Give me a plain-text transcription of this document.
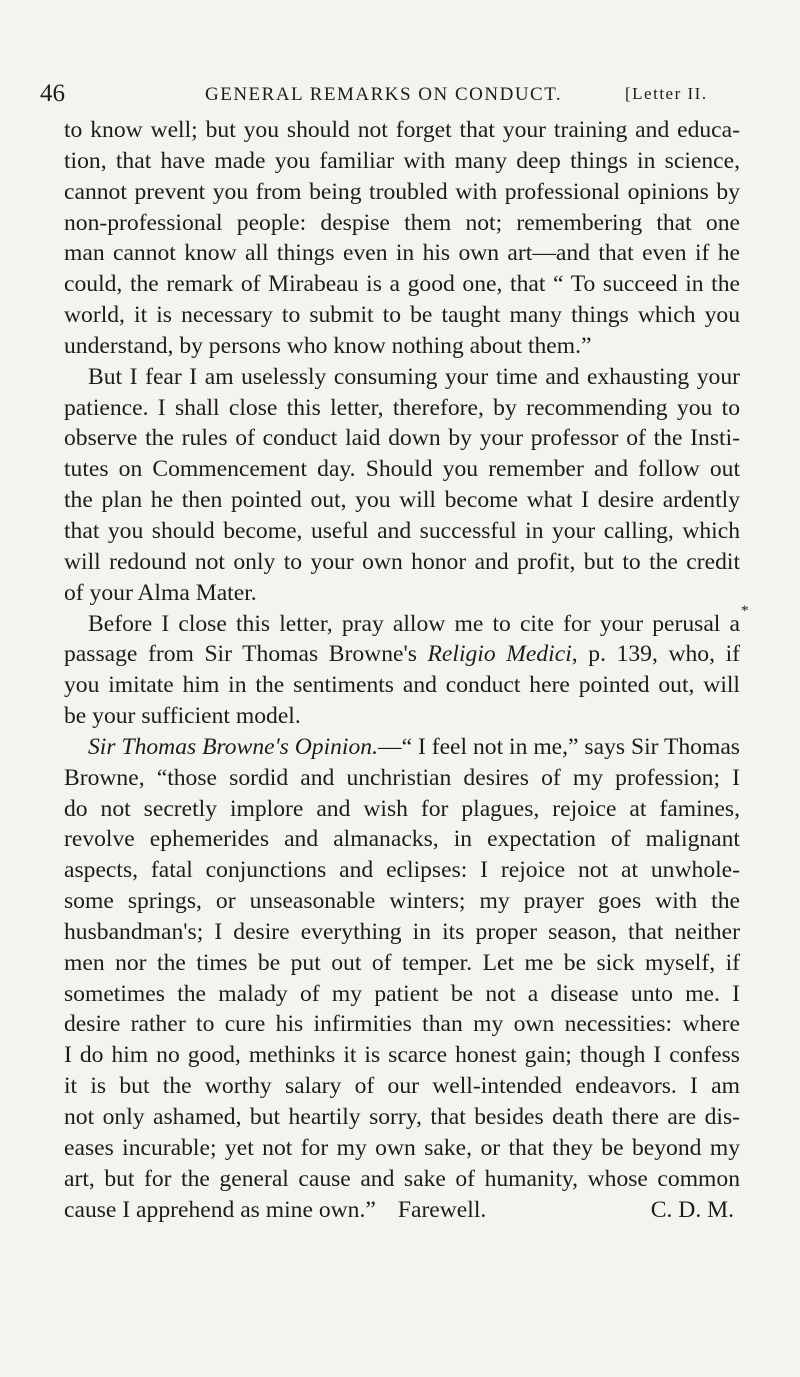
46	GENERAL REMARKS ON CONDUCT.	[Letter II.
to know well; but you should not forget that your training and educa-
tion, that have made you familiar with many deep things in science,
cannot prevent you from being troubled with professional opinions by
non-professional people: despise them not; remembering that one
man cannot know all things even in his own art—and that even if he
could, the remark of Mirabeau is a good one, that “ To succeed in the
world, it is necessary to submit to be taught many things which you
understand, by persons who know nothing about them.”
But I fear I am uselessly consuming your time and exhausting your
patience. I shall close this letter, therefore, by recommending you to
observe the rules of conduct laid down by your professor of the Insti-
tutes on Commencement day. Should you remember and follow out
the plan he then pointed out, you will become what I desire ardently
that you should become, useful and successful in your calling, which
will redound not only to your own honor and profit, but to the credit
of your Alma Mater.
Before I close this letter, pray allow me to cite for your perusal a
passage from Sir Thomas Browne's Religio Medici, p. 139, who, if
you imitate him in the sentiments and conduct here pointed out, will
be your sufficient model.
Sir Thomas Browne's Opinion.—“ I feel not in me,” says Sir Thomas
Browne, “those sordid and unchristian desires of my profession; I
do not secretly implore and wish for plagues, rejoice at famines,
revolve ephemerides and almanacks, in expectation of malignant
aspects, fatal conjunctions and eclipses: I rejoice not at unwhole-
some springs, or unseasonable winters; my prayer goes with the
husbandman's; I desire everything in its proper season, that neither
men nor the times be put out of temper. Let me be sick myself, if
sometimes the malady of my patient be not a disease unto me. I
desire rather to cure his infirmities than my own necessities: where
I do him no good, methinks it is scarce honest gain; though I confess
it is but the worthy salary of our well-intended endeavors. I am
not only ashamed, but heartily sorry, that besides death there are dis-
eases incurable; yet not for my own sake, or that they be beyond my
art, but for the general cause and sake of humanity, whose common
cause I apprehend as mine own.” Farewell.	C. D. M.
*
